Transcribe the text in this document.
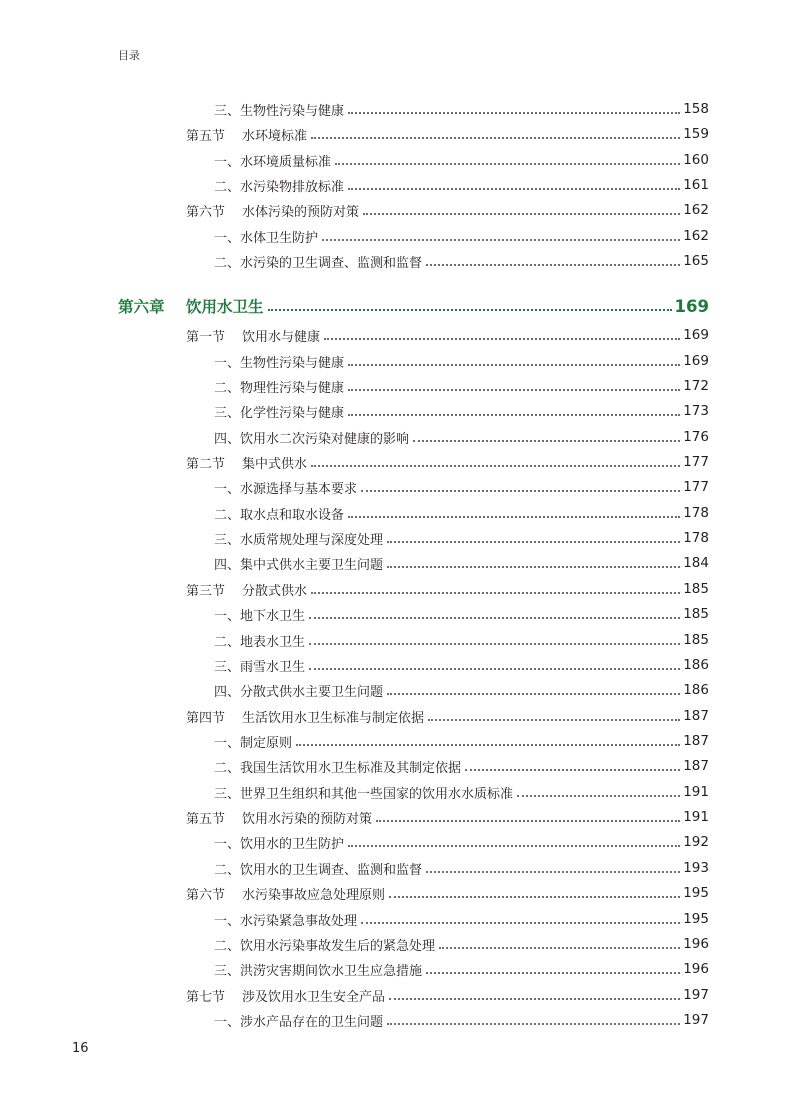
目录
三、生物性污染与健康	158
第五节	水环境标准	159
一、水环境质量标准	160
二、水污染物排放标准	161
第六节	水体污染的预防对策	162
一、水体卫生防护	162
二、水污染的卫生调查、监测和监督	165
第六章	饮用水卫生	169
第一节	饮用水与健康	169
一、生物性污染与健康	169
二、物理性污染与健康	172
三、化学性污染与健康	173
四、饮用水二次污染对健康的影响	176
第二节	集中式供水	177
一、水源选择与基本要求	177
二、取水点和取水设备	178
三、水质常规处理与深度处理	178
四、集中式供水主要卫生问题	184
第三节	分散式供水	185
一、地下水卫生	185
二、地表水卫生	185
三、雨雪水卫生	186
四、分散式供水主要卫生问题	186
第四节	生活饮用水卫生标准与制定依据	187
一、制定原则	187
二、我国生活饮用水卫生标准及其制定依据	187
三、世界卫生组织和其他一些国家的饮用水水质标准	191
第五节	饮用水污染的预防对策	191
一、饮用水的卫生防护	192
二、饮用水的卫生调查、监测和监督	193
第六节	水污染事故应急处理原则	195
一、水污染紧急事故处理	195
二、饮用水污染事故发生后的紧急处理	196
三、洪涝灾害期间饮水卫生应急措施	196
第七节	涉及饮用水卫生安全产品	197
一、涉水产品存在的卫生问题	197
16
